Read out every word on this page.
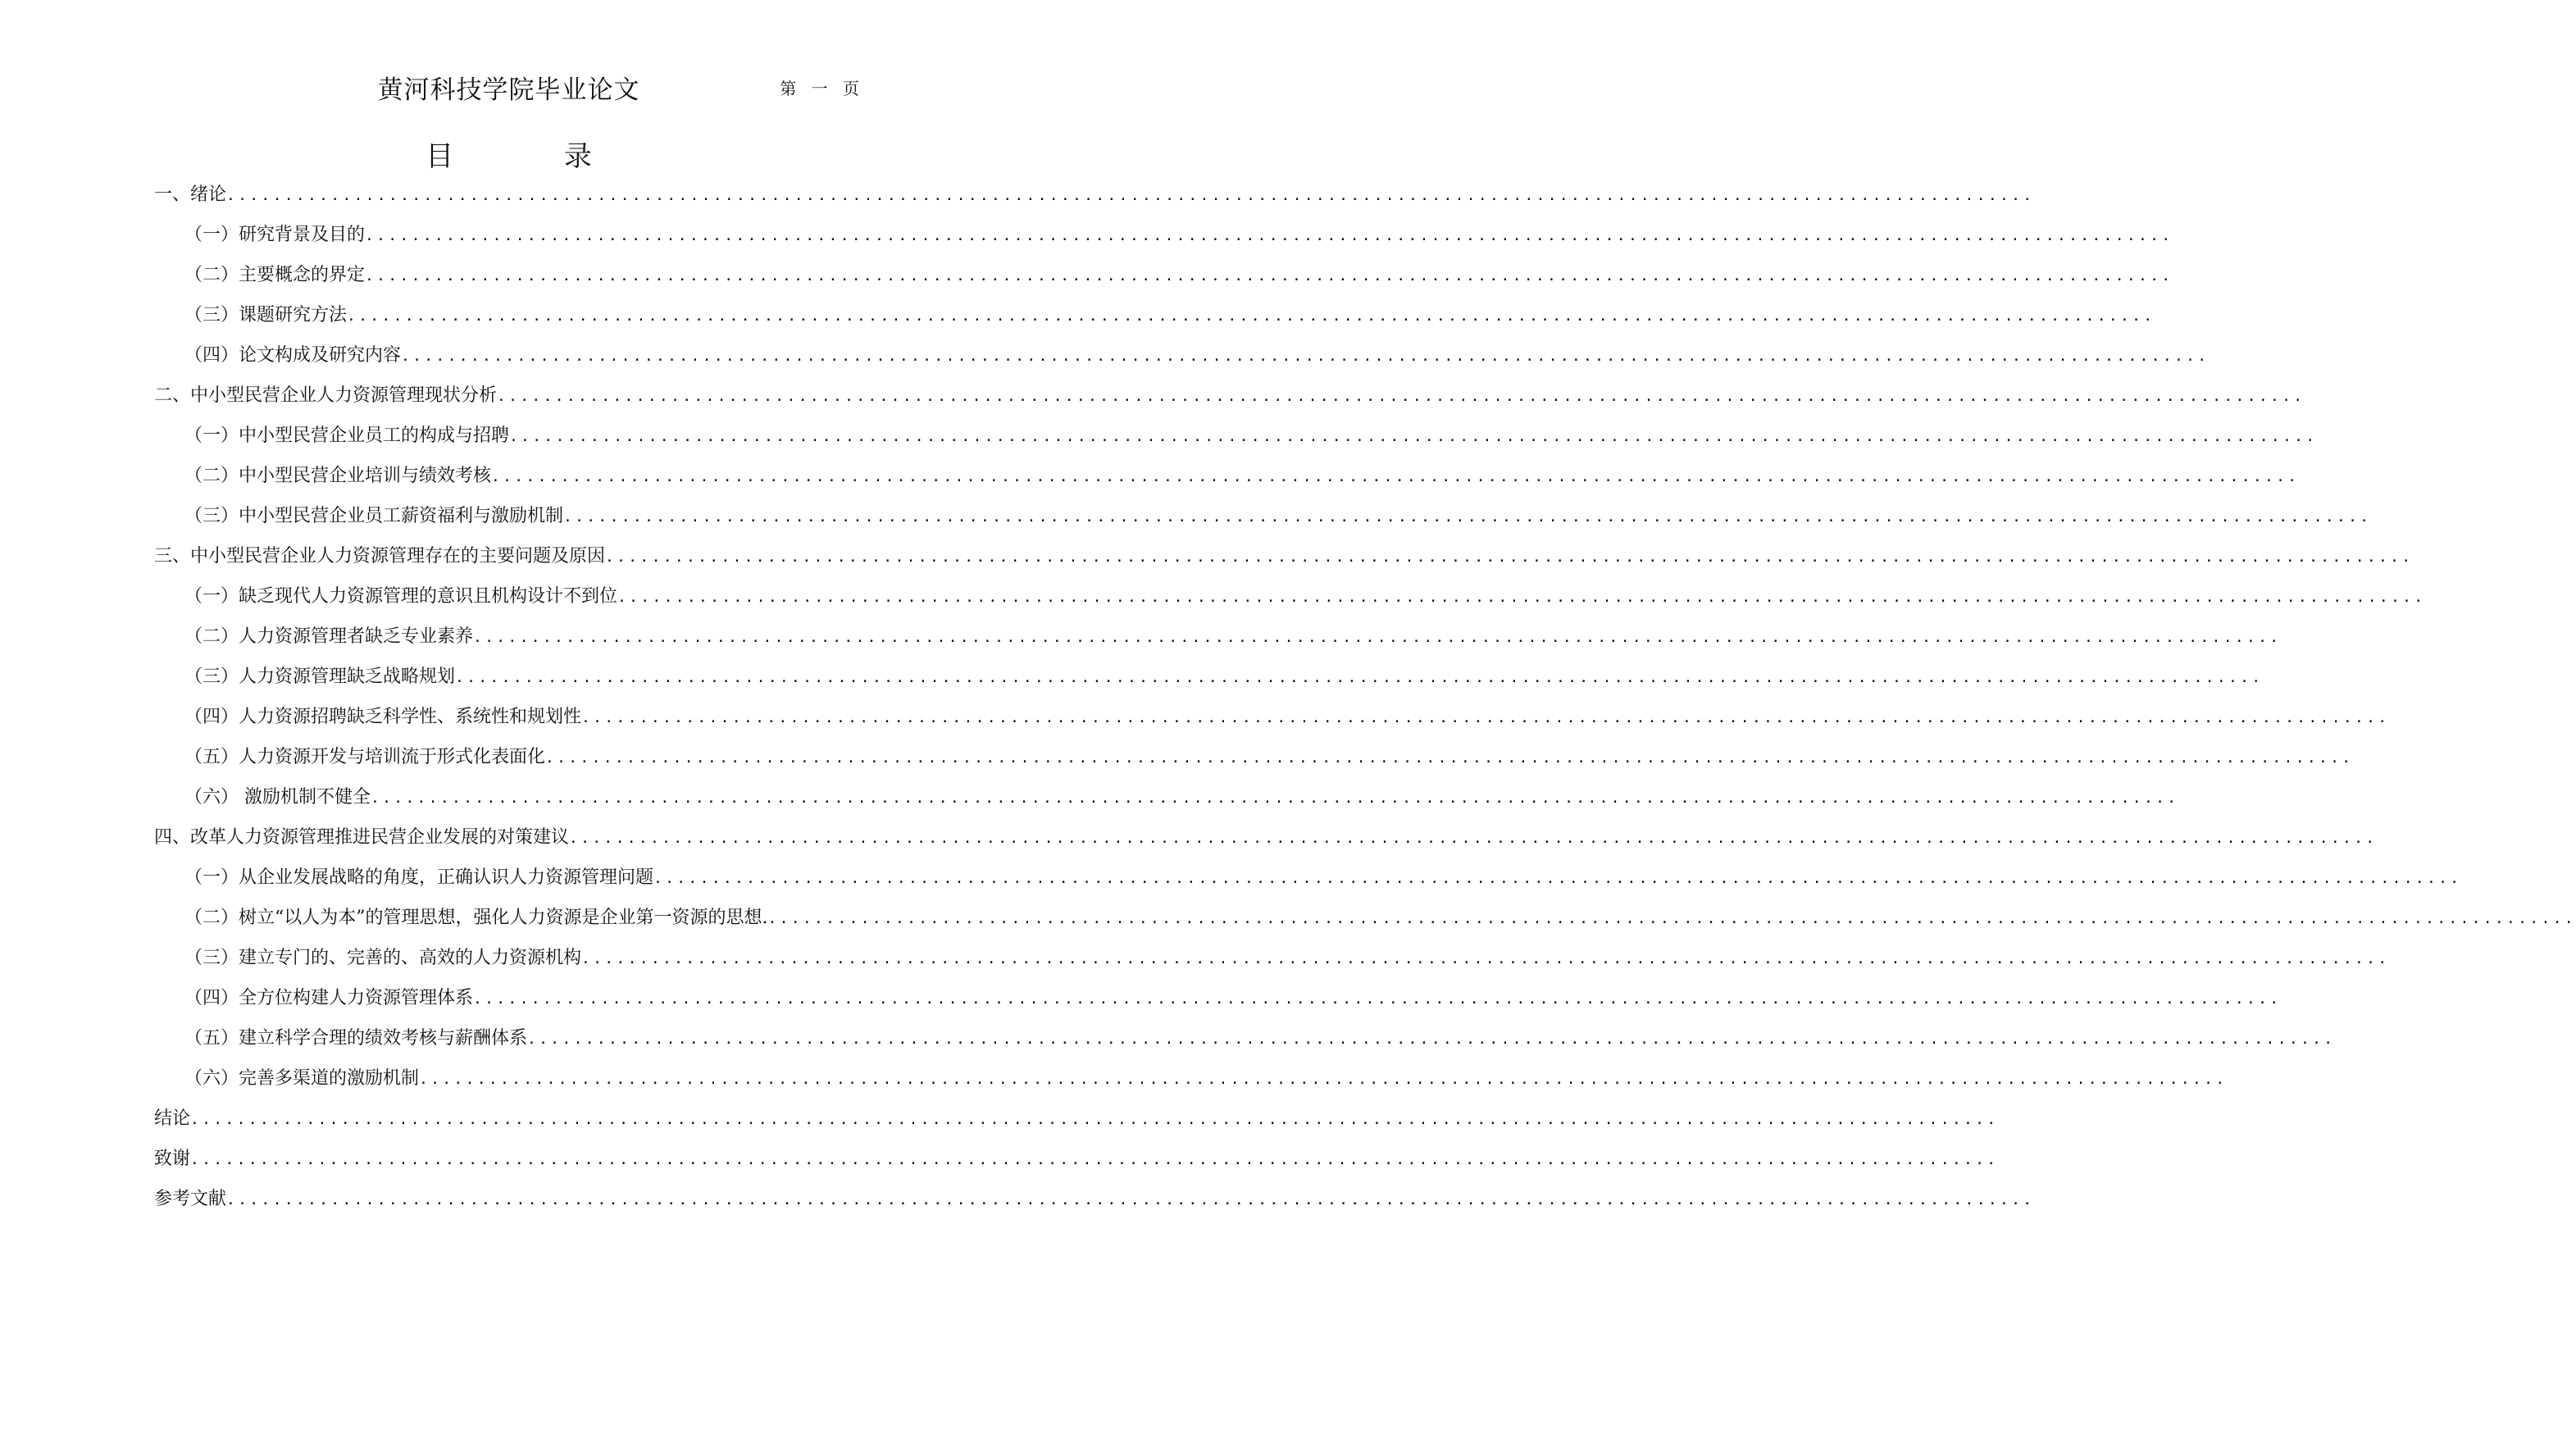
黄河科技学院毕业论文	第 一 页
目 录
一、绪论 ............................................................................................................................................................
（一）研究背景及目的 ............................................................................................................................................................
（二）主要概念的界定 ............................................................................................................................................................
（三）课题研究方法 ............................................................................................................................................................
（四）论文构成及研究内容 ............................................................................................................................................................
二、中小型民营企业人力资源管理现状分析 ............................................................................................................................................................
（一）中小型民营企业员工的构成与招聘 ............................................................................................................................................................
（二）中小型民营企业培训与绩效考核 ............................................................................................................................................................
（三）中小型民营企业员工薪资福利与激励机制 ............................................................................................................................................................
三、中小型民营企业人力资源管理存在的主要问题及原因 ............................................................................................................................................................
（一）缺乏现代人力资源管理的意识且机构设计不到位 ............................................................................................................................................................
（二）人力资源管理者缺乏专业素养 ............................................................................................................................................................
（三）人力资源管理缺乏战略规划 ............................................................................................................................................................
（四）人力资源招聘缺乏科学性、系统性和规划性 ............................................................................................................................................................
（五）人力资源开发与培训流于形式化表面化 ............................................................................................................................................................
（六） 激励机制不健全 ............................................................................................................................................................
四、改革人力资源管理推进民营企业发展的对策建议 ............................................................................................................................................................
（一）从企业发展战略的角度，正确认识人力资源管理问题 ............................................................................................................................................................
（二）树立“以人为本”的管理思想，强化人力资源是企业第一资源的思想. ............................................................................................................................................................
（三）建立专门的、完善的、高效的人力资源机构 ............................................................................................................................................................
（四）全方位构建人力资源管理体系 ............................................................................................................................................................
（五）建立科学合理的绩效考核与薪酬体系 ............................................................................................................................................................
（六）完善多渠道的激励机制 ............................................................................................................................................................
结论 ............................................................................................................................................................
致谢 ............................................................................................................................................................
参考文献 ............................................................................................................................................................
